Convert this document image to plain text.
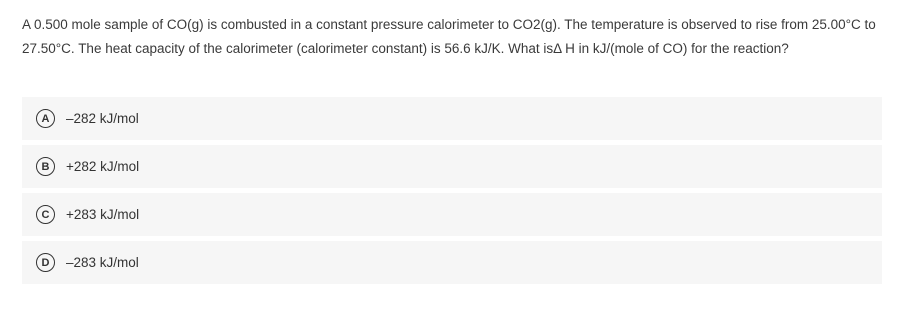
A 0.500 mole sample of CO(g) is combusted in a constant pressure calorimeter to CO2(g). The temperature is observed to rise from 25.00°C to 27.50°C. The heat capacity of the calorimeter (calorimeter constant) is 56.6 kJ/K. What isΔ H in kJ/(mole of CO) for the reaction?
A	–282 kJ/mol
B	+282 kJ/mol
C	+283 kJ/mol
D	–283 kJ/mol
